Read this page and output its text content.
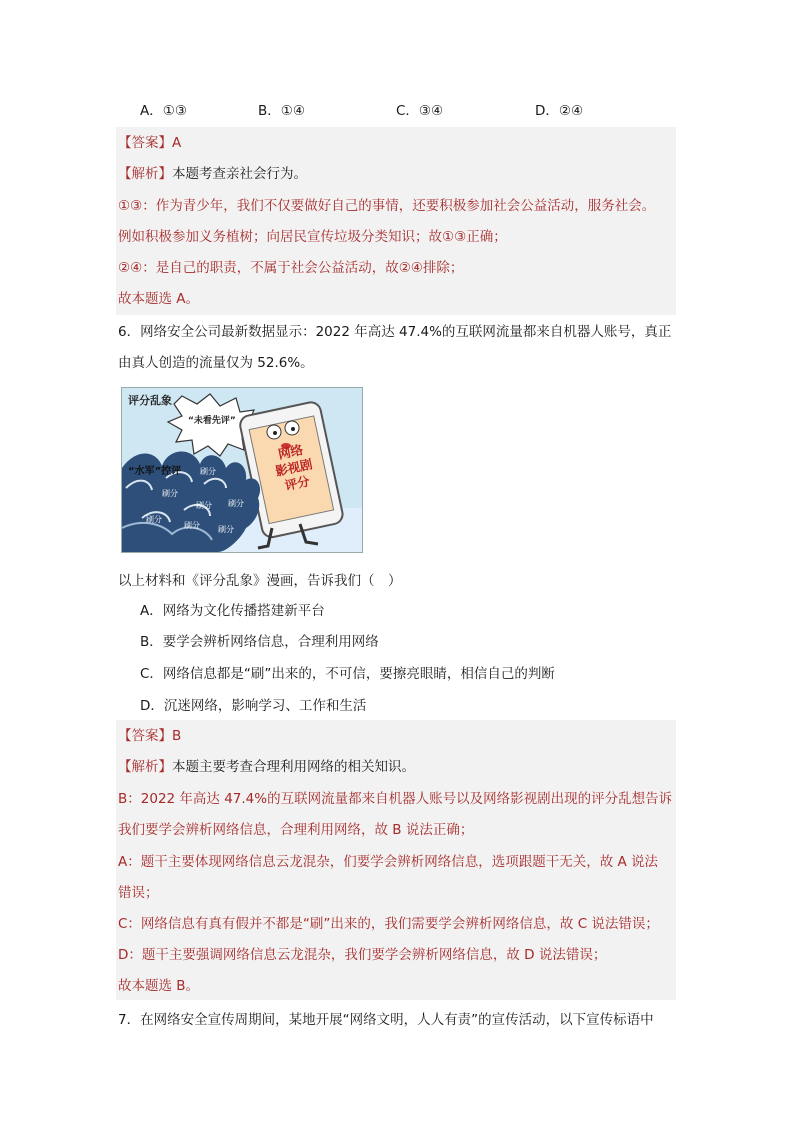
A．①③	B．①④	C．③④	D．②④
【答案】A
【解析】本题考查亲社会行为。
①③：作为青少年，我们不仅要做好自己的事情，还要积极参加社会公益活动，服务社会。
例如积极参加义务植树；向居民宣传垃圾分类知识；故①③正确；
②④：是自己的职责，不属于社会公益活动，故②④排除；
故本题选 A。
6．网络安全公司最新数据显示：2022 年高达 47.4%的互联网流量都来自机器人账号，真正
由真人创造的流量仅为 52.6%。
评分乱象
“未看先评”
网络
影视剧
评分
“水军”控评 刷分
刷分
刷分 刷分
刷分
刷分 刷分
以上材料和《评分乱象》漫画，告诉我们（　）
A．网络为文化传播搭建新平台
B．要学会辨析网络信息，合理利用网络
C．网络信息都是“刷”出来的，不可信，要擦亮眼睛，相信自己的判断
D．沉迷网络，影响学习、工作和生活
【答案】B
【解析】本题主要考查合理利用网络的相关知识。
B：2022 年高达 47.4%的互联网流量都来自机器人账号以及网络影视剧出现的评分乱想告诉
我们要学会辨析网络信息，合理利用网络，故 B 说法正确；
A：题干主要体现网络信息云龙混杂，们要学会辨析网络信息，选项跟题干无关，故 A 说法
错误；
C：网络信息有真有假并不都是“刷”出来的，我们需要学会辨析网络信息，故 C 说法错误；
D：题干主要强调网络信息云龙混杂，我们要学会辨析网络信息，故 D 说法错误；
故本题选 B。
7．在网络安全宣传周期间，某地开展“网络文明，人人有责”的宣传活动，以下宣传标语中
